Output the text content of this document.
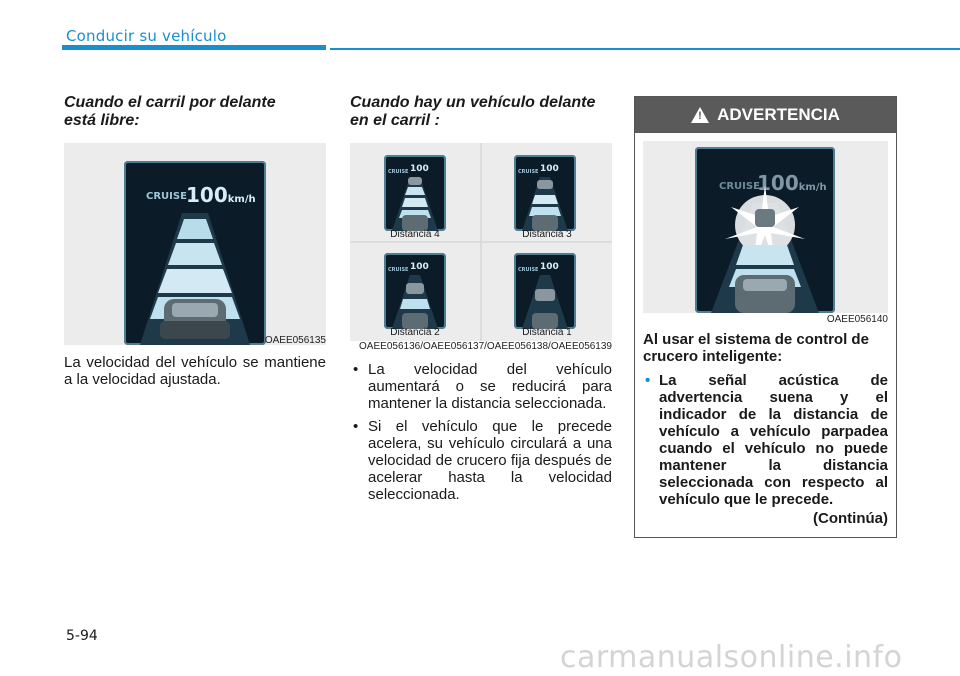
Conducir su vehículo
Cuando el carril por delante
está libre:
CRUISE 100km/h
OAEE056135
La velocidad del vehículo se mantiene a la velocidad ajustada.
Cuando hay un vehículo delante
en el carril :
CRUISE 100
Distancia 4
CRUISE 100
Distancia 3
CRUISE 100
Distancia 2
CRUISE 100
Distancia 1
OAEE056136/OAEE056137/OAEE056138/OAEE056139
• La velocidad del vehículo aumentará o se reducirá para mantener la distancia seleccionada.
• Si el vehículo que le precede acelera, su vehículo circulará a una velocidad de crucero fija después de acelerar hasta la velocidad seleccionada.
! ADVERTENCIA
CRUISE
100km/h
OAEE056140
Al usar el sistema de control de crucero inteligente:
• La señal acústica de advertencia suena y el indicador de la distancia de vehículo a vehículo parpadea cuando el vehículo no puede mantener la distancia seleccionada con respecto al vehículo que le precede.
(Continúa)
5-94
carmanualsonline.info
